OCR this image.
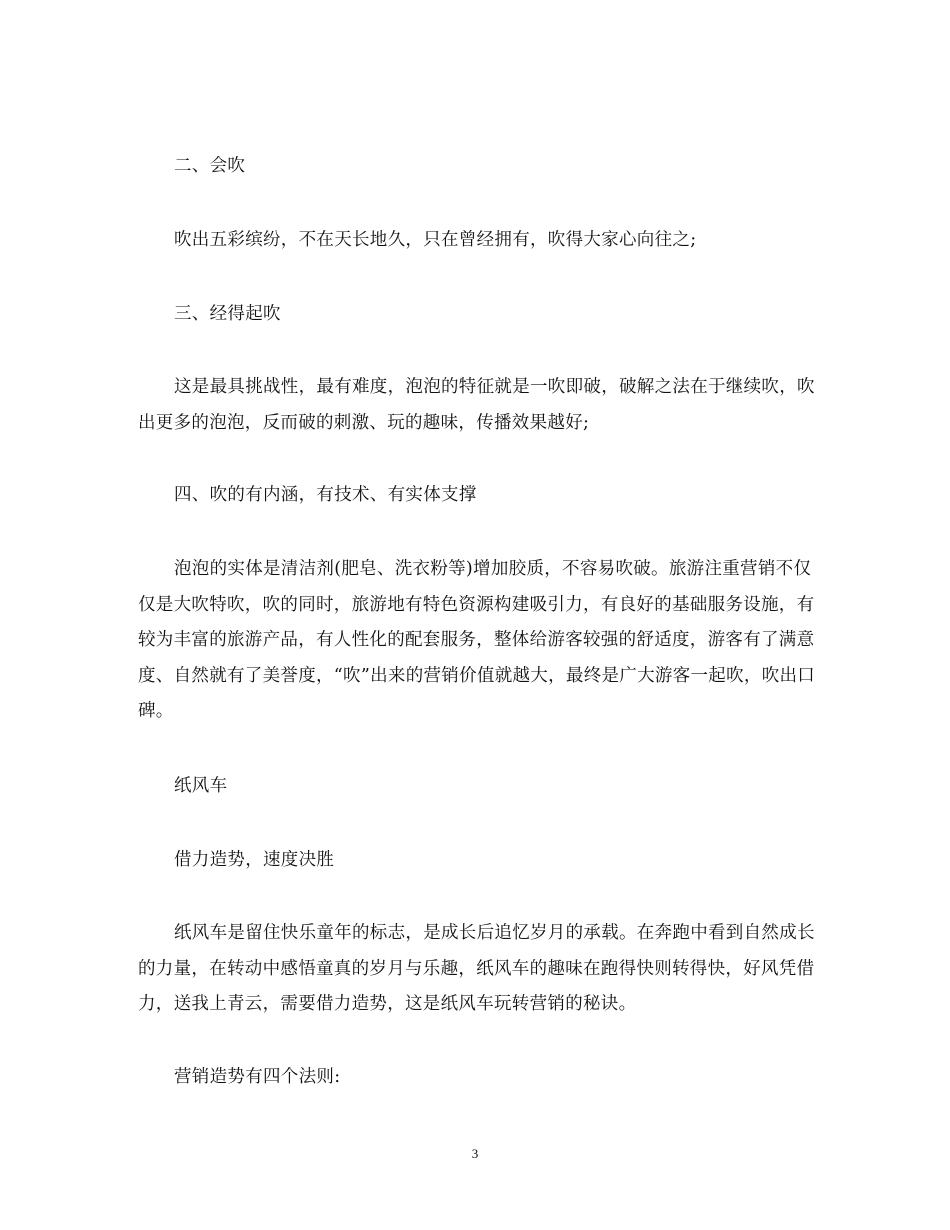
二、会吹

吹出五彩缤纷，不在天长地久，只在曾经拥有，吹得大家心向往之;

三、经得起吹

这是最具挑战性，最有难度，泡泡的特征就是一吹即破，破解之法在于继续吹，吹出更多的泡泡，反而破的刺激、玩的趣味，传播效果越好;

四、吹的有内涵，有技术、有实体支撑

泡泡的实体是清洁剂(肥皂、洗衣粉等)增加胶质，不容易吹破。旅游注重营销不仅仅是大吹特吹，吹的同时，旅游地有特色资源构建吸引力，有良好的基础服务设施，有较为丰富的旅游产品，有人性化的配套服务，整体给游客较强的舒适度，游客有了满意度、自然就有了美誉度，“吹”出来的营销价值就越大，最终是广大游客一起吹，吹出口碑。

纸风车

借力造势，速度决胜

纸风车是留住快乐童年的标志，是成长后追忆岁月的承载。在奔跑中看到自然成长的力量，在转动中感悟童真的岁月与乐趣，纸风车的趣味在跑得快则转得快，好风凭借力，送我上青云，需要借力造势，这是纸风车玩转营销的秘诀。

营销造势有四个法则:

3
